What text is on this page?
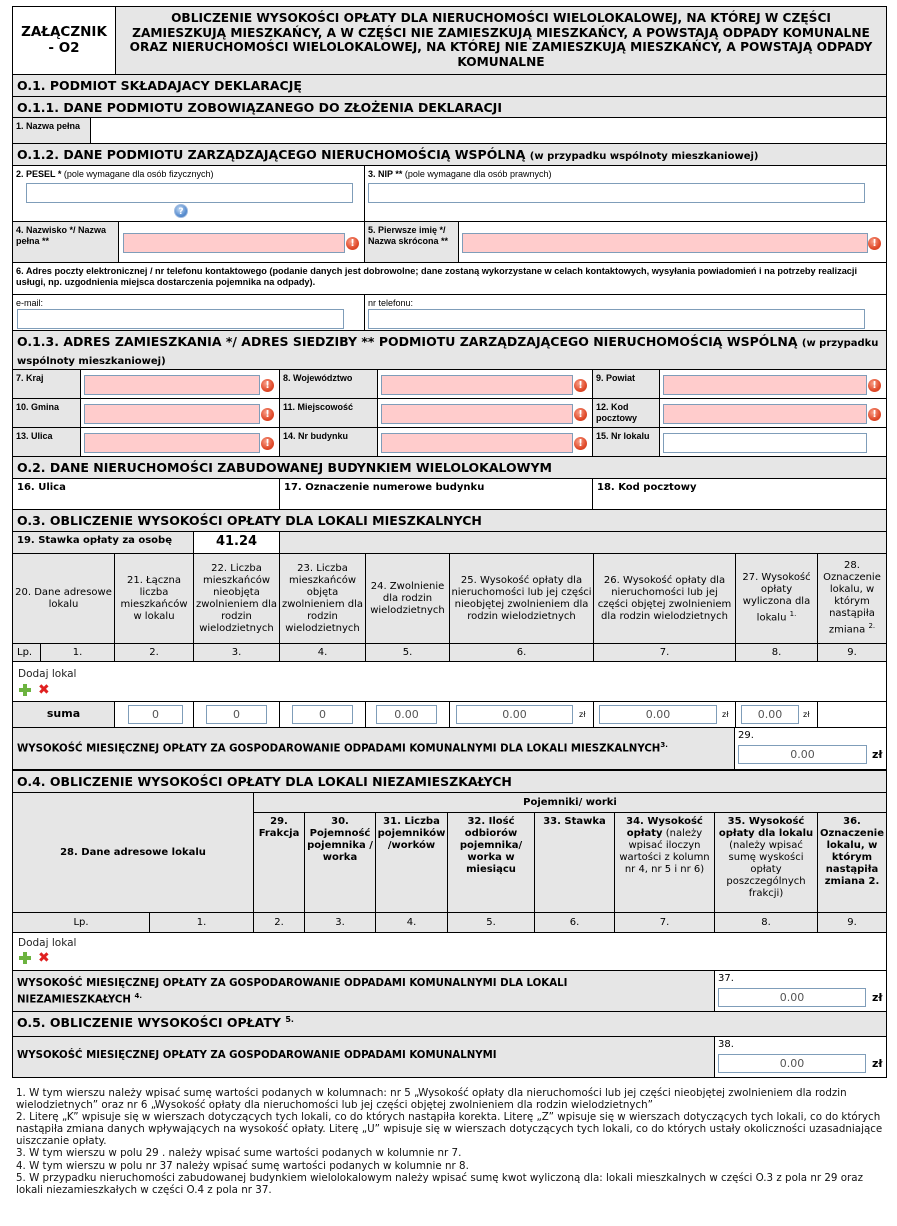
ZAŁĄCZNIK
- O2
OBLICZENIE WYSOKOŚCI OPŁATY DLA NIERUCHOMOŚCI WIELOLOKALOWEJ, NA KTÓREJ W CZĘŚCI
ZAMIESZKUJĄ MIESZKAŃCY, A W CZĘŚCI NIE ZAMIESZKUJĄ MIESZKAŃCY, A POWSTAJĄ ODPADY KOMUNALNE
ORAZ NIERUCHOMOŚCI WIELOLOKALOWEJ, NA KTÓREJ NIE ZAMIESZKUJĄ MIESZKAŃCY, A POWSTAJĄ ODPADY
KOMUNALNE
O.1. PODMIOT SKŁADAJACY DEKLARACJĘ
O.1.1. DANE PODMIOTU ZOBOWIĄZANEGO DO ZŁOŻENIA DEKLARACJI
1. Nazwa pełna
O.1.2. DANE PODMIOTU ZARZĄDZAJĄCEGO NIERUCHOMOŚCIĄ WSPÓLNĄ (w przypadku wspólnoty mieszkaniowej)
2. PESEL * (pole wymagane dla osób fizycznych)
?
3. NIP ** (pole wymagane dla osób prawnych)
4. Nazwisko */ Nazwa pełna **	!
5. Pierwsze imię */ Nazwa skrócona **	!
6. Adres poczty elektronicznej / nr telefonu kontaktowego (podanie danych jest dobrowolne; dane zostaną wykorzystane w celach kontaktowych, wysyłania powiadomień i na potrzeby realizacji usługi, np. uzgodnienia miejsca dostarczenia pojemnika na odpady).
e-mail:	nr telefonu:
O.1.3. ADRES ZAMIESZKANIA */ ADRES SIEDZIBY ** PODMIOTU ZARZĄDZAJĄCEGO NIERUCHOMOŚCIĄ WSPÓLNĄ (w przypadku
wspólnoty mieszkaniowej)
7. Kraj
!
8. Województwo
!
9. Powiat
!
10. Gmina
!
11. Miejscowość
!
12. Kod pocztowy	!
13. Ulica
!
14. Nr budynku
!
15. Nr lokalu
O.2. DANE NIERUCHOMOŚCI ZABUDOWANEJ BUDYNKIEM WIELOLOKALOWYM
16. Ulica	17. Oznaczenie numerowe budynku	18. Kod pocztowy
O.3. OBLICZENIE WYSOKOŚCI OPŁATY DLA LOKALI MIESZKALNYCH
19. Stawka opłaty za osobę	41.24
20. Dane adresowe lokalu
21. Łączna liczba mieszkańców w lokalu
22. Liczba mieszkańców nieobjęta zwolnieniem dla rodzin wielodzietnych
23. Liczba mieszkańców objęta zwolnieniem dla rodzin wielodzietnych
24. Zwolnienie dla rodzin wielodzietnych
25. Wysokość opłaty dla nieruchomości lub jej części nieobjętej zwolnieniem dla rodzin wielodzietnych
26. Wysokość opłaty dla nieruchomości lub jej części objętej zwolnieniem dla rodzin wielodzietnych
27. Wysokość opłaty wyliczona dla lokalu $^{1.}$
28. Oznaczenie lokalu, w którym nastąpiła zmiana $^{2.}$
Lp.	1.	2.	3.	4.	5.	6.	7.	8.	9.
Dodaj lokal
✖
suma	0	0	0	0.00	0.00	zł	0.00	zł	0.00	zł
WYSOKOŚĆ MIESIĘCZNEJ OPŁATY ZA GOSPODAROWANIE ODPADAMI KOMUNALNYMI DLA LOKALI $MIESZKALNYCH^{3.}$
29.
0.00	zł
O.4. OBLICZENIE WYSOKOŚCI OPŁATY DLA LOKALI NIEZAMIESZKAŁYCH
28. Dane adresowe lokalu
Pojemniki/ worki
29. Frakcja
30. Pojemność pojemnika / worka
31. Liczba pojemników /worków
32. Ilość odbiorów pojemnika/ worka w miesiącu
33. Stawka	34. Wysokość opłaty (należy wpisać iloczyn wartości z kolumn nr 4, nr 5 i nr 6)
35. Wysokość opłaty dla lokalu (należy wpisać sumę wyskości opłaty poszczególnych frakcji)
36. Oznaczenie lokalu, w którym nastąpiła zmiana 2.
Lp.	1.	2.	3.	4.	5.	6.	7.	8.	9.
Dodaj lokal
✖
WYSOKOŚĆ MIESIĘCZNEJ OPŁATY ZA GOSPODAROWANIE ODPADAMI KOMUNALNYMI DLA LOKALI
NIEZAMIESZKAŁYCH $^{4.}$
37.
0.00	zł
O.5. OBLICZENIE WYSOKOŚCI OPŁATY $^{5.}$
WYSOKOŚĆ MIESIĘCZNEJ OPŁATY ZA GOSPODAROWANIE ODPADAMI KOMUNALNYMI
38.
0.00	zł
1. W tym wierszu należy wpisać sumę wartości podanych w kolumnach: nr 5 „Wysokość opłaty dla nieruchomości lub jej części nieobjętej zwolnieniem dla rodzin wielodzietnych” oraz nr 6 „Wysokość opłaty dla nieruchomości lub jej części objętej zwolnieniem dla rodzin wielodzietnych”
2. Literę „K” wpisuje się w wierszach dotyczących tych lokali, co do których nastąpiła korekta. Literę „Z” wpisuje się w wierszach dotyczących tych lokali, co do których nastąpiła zmiana danych wpływających na wysokość opłaty. Literę „U” wpisuje się w wierszach dotyczących tych lokali, co do których ustały okoliczności uzasadniające uiszczanie opłaty.
3. W tym wierszu w polu 29 . należy wpisać sume wartości podanych w kolumnie nr 7.
4. W tym wierszu w polu nr 37 należy wpisać sumę wartości podanych w kolumnie nr 8.
5. W przypadku nieruchomości zabudowanej budynkiem wielolokalowym należy wpisać sumę kwot wyliczoną dla: lokali mieszkalnych w części O.3 z pola nr 29 oraz lokali niezamieszkałych w części O.4 z pola nr 37.
